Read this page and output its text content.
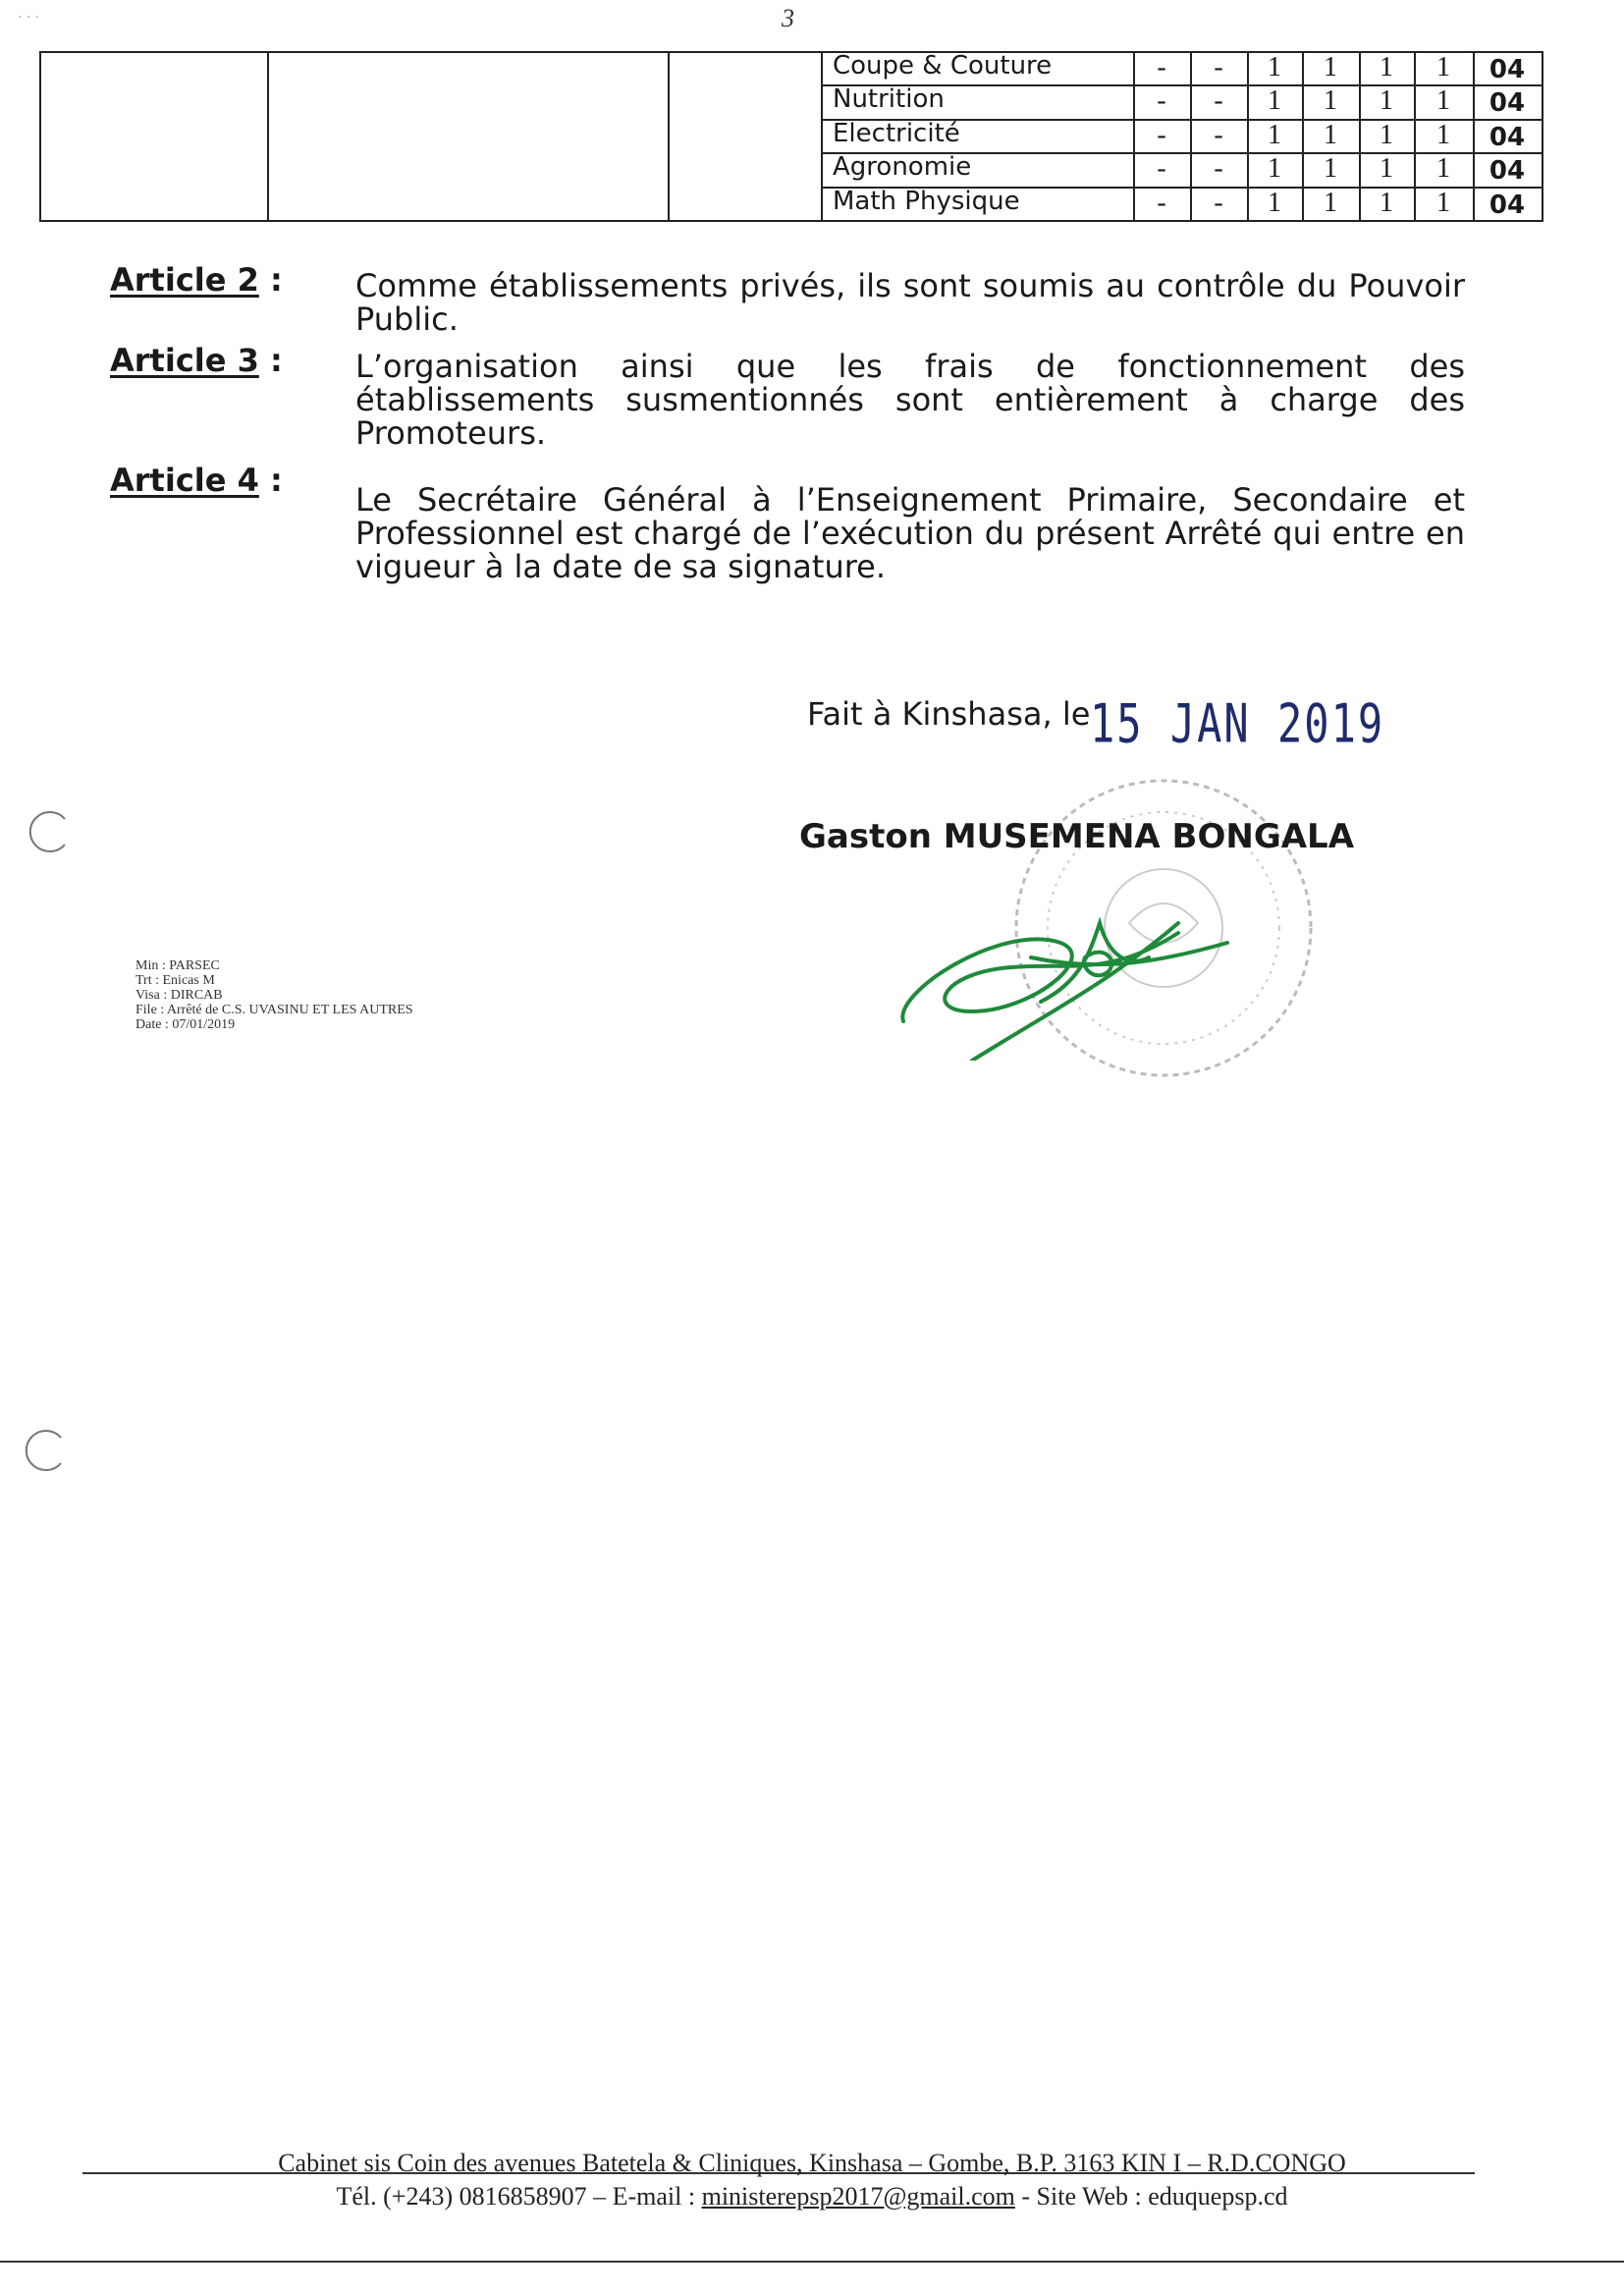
· · ·	3
Coupe & Couture	-	-	1	1	1	1	04
Nutrition	-	-	1	1	1	1	04
Electricité	-	-	1	1	1	1	04
Agronomie	-	-	1	1	1	1	04
Math Physique	-	-	1	1	1	1	04
Article 2 : Comme établissements privés, ils sont soumis au contrôle du Pouvoir Public.
Article 3 : L’organisation ainsi que les frais de fonctionnement des établissements susmentionnés sont entièrement à charge des Promoteurs.
Article 4 :
Le Secrétaire Général à l’Enseignement Primaire, Secondaire et Professionnel est chargé de l’exécution du présent Arrêté qui entre en vigueur à la date de sa signature.
Fait à Kinshasa, le 15 JAN 2019
Gaston MUSEMENA BONGALA
Min : PARSEC
Trt : Enicas M
Visa : DIRCAB
File : Arrêté de C.S. UVASINU ET LES AUTRES
Date : 07/01/2019
Cabinet sis Coin des avenues Batetela & Cliniques, Kinshasa – Gombe, B.P. 3163 KIN I – R.D.CONGO
Tél. (+243) 0816858907 – E-mail : ministerepsp2017@gmail.com - Site Web : eduquepsp.cd
